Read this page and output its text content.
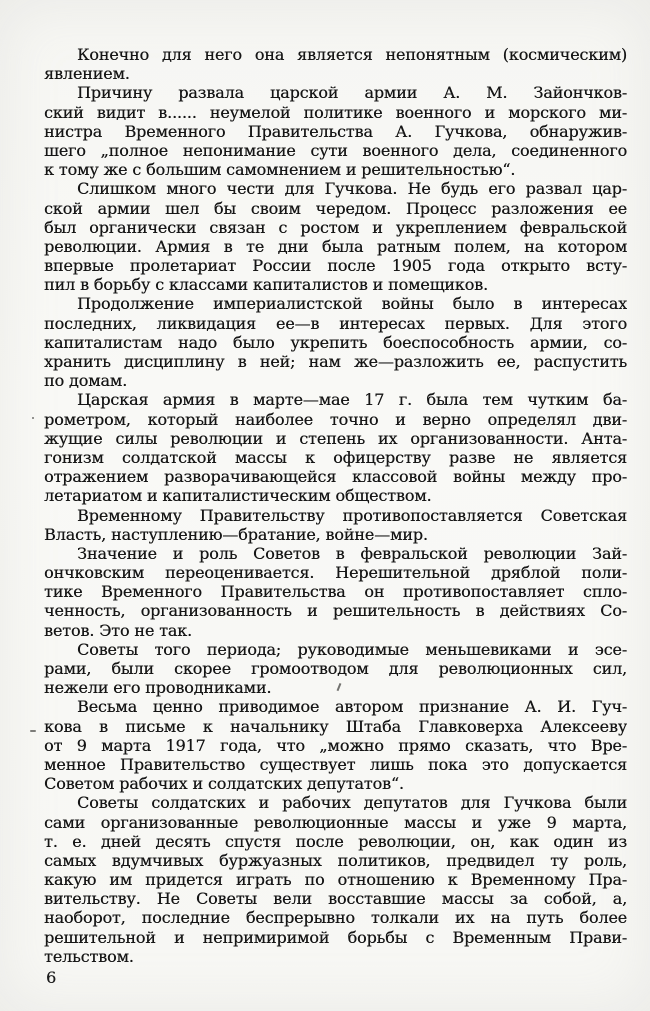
Конечно для него она является непонятным (космическим)
явлением.
Причину развала царской армии А. М. Зайончков-
ский видит в...... неумелой политике военного и морского ми-
нистра Временного Правительства А. Гучкова, обнаружив-
шего „полное непонимание сути военного дела, соединенного
к тому же с большим самомнением и решительностью“.
Слишком много чести для Гучкова. Не будь его развал цар-
ской армии шел бы своим чередом. Процесс разложения ее
был органически связан с ростом и укреплением февральской
революции. Армия в те дни была ратным полем, на котором
впервые пролетариат России после 1905 года открыто всту-
пил в борьбу с классами капиталистов и помещиков.
Продолжение империалистской войны было в интересах
последних, ликвидация ее—в интересах первых. Для этого
капиталистам надо было укрепить боеспособность армии, со-
хранить дисциплину в ней; нам же—разложить ее, распустить
по домам.
Царская армия в марте—мае 17 г. была тем чутким ба-
рометром, который наиболее точно и верно определял дви-
жущие силы революции и степень их организованности. Анта-
гонизм солдатской массы к офицерству разве не является
отражением разворачивающейся классовой войны между про-
летариатом и капиталистическим обществом.
Временному Правительству противопоставляется Советская
Власть, наступлению—братание, войне—мир.
Значение и роль Советов в февральской революции Зай-
ончковским переоценивается. Нерешительной дряблой поли-
тике Временного Правительства он противопоставляет спло-
ченность, организованность и решительность в действиях Со-
ветов. Это не так.
Советы того периода; руководимые меньшевиками и эсе-
рами, были скорее громоотводом для революционных сил,
нежели его проводниками.
Весьма ценно приводимое автором признание А. И. Гуч-
кова в письме к начальнику Штаба Главковерха Алексееву
от 9 марта 1917 года, что „можно прямо сказать, что Вре-
менное Правительство существует лишь пока это допускается
Советом рабочих и солдатских депутатов“.
Советы солдатских и рабочих депутатов для Гучкова были
сами организованные революционные массы и уже 9 марта,
т. е. дней десять спустя после революции, он, как один из
самых вдумчивых буржуазных политиков, предвидел ту роль,
какую им придется играть по отношению к Временному Пра-
вительству. Не Советы вели восставшие массы за собой, а,
наоборот, последние беспрерывно толкали их на путь более
решительной и непримиримой борьбы с Временным Прави-
тельством.
6
